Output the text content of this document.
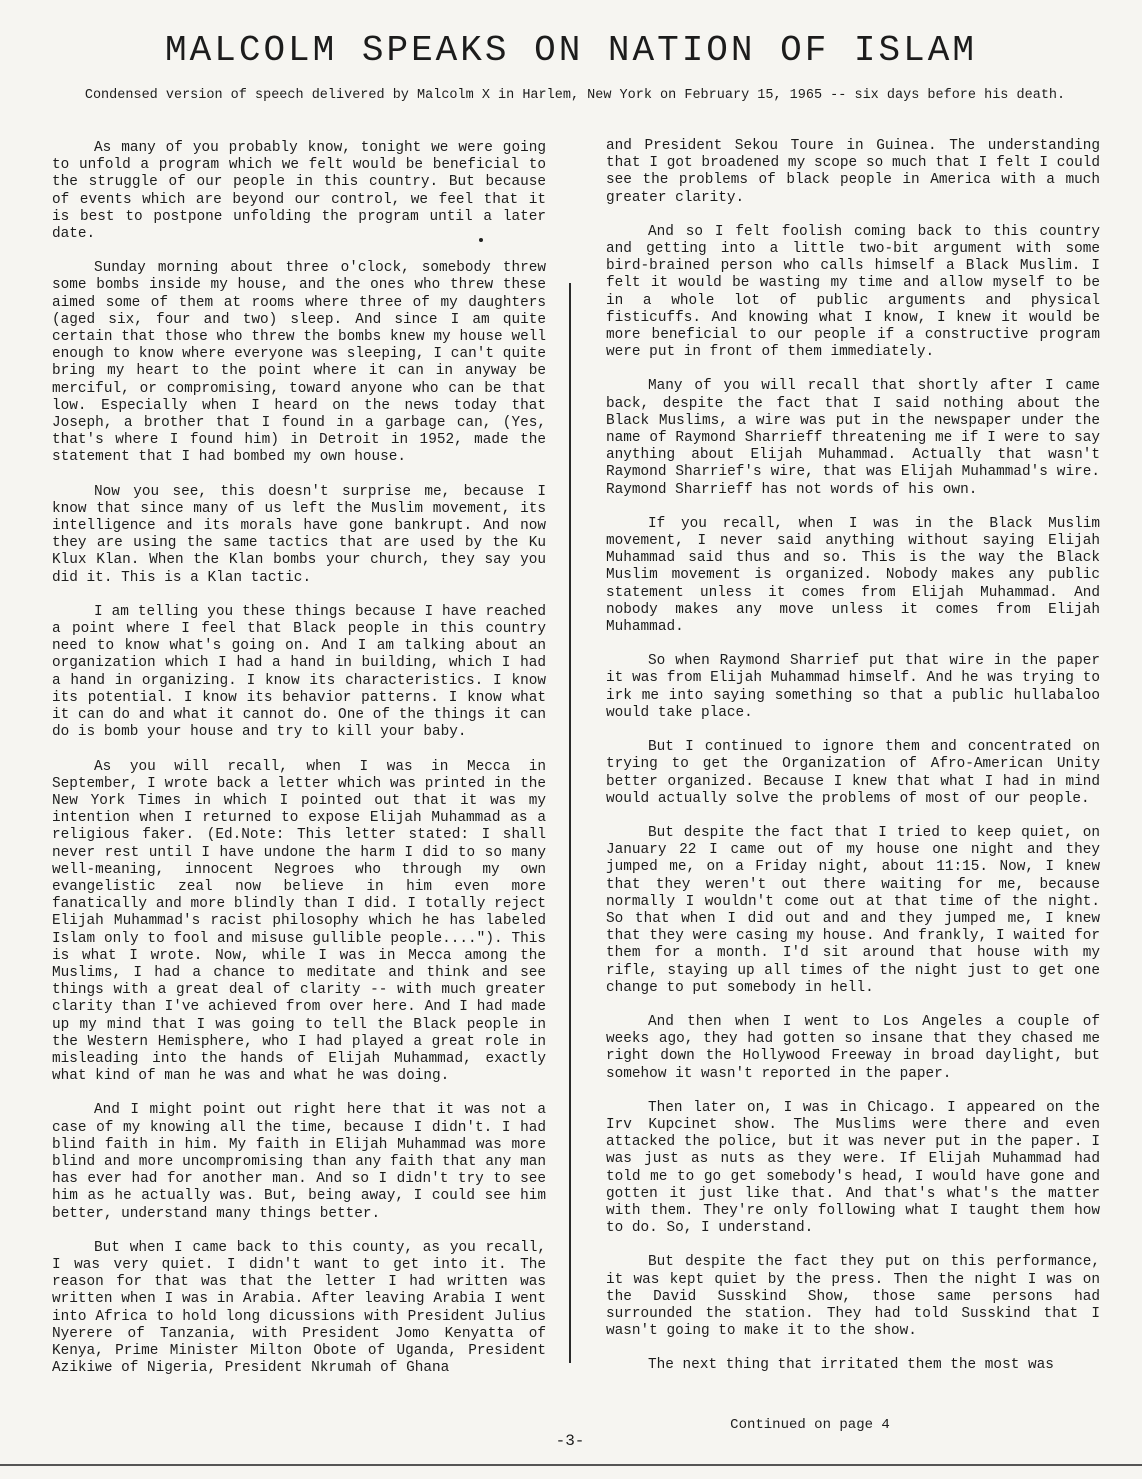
MALCOLM SPEAKS ON NATION OF ISLAM

Condensed version of speech delivered by Malcolm X in Harlem, New York on February 15, 1965 -- six days before his death.

As many of you probably know, tonight we were going to unfold a program which we felt would be beneficial to the struggle of our people in this country. But because of events which are beyond our control, we feel that it is best to postpone unfolding the program until a later date.

Sunday morning about three o'clock, somebody threw some bombs inside my house, and the ones who threw these aimed some of them at rooms where three of my daughters (aged six, four and two) sleep. And since I am quite certain that those who threw the bombs knew my house well enough to know where everyone was sleeping, I can't quite bring my heart to the point where it can in anyway be merciful, or compromising, toward anyone who can be that low. Especially when I heard on the news today that Joseph, a brother that I found in a garbage can, (Yes, that's where I found him) in Detroit in 1952, made the statement that I had bombed my own house.

Now you see, this doesn't surprise me, because I know that since many of us left the Muslim movement, its intelligence and its morals have gone bankrupt. And now they are using the same tactics that are used by the Ku Klux Klan. When the Klan bombs your church, they say you did it. This is a Klan tactic.

I am telling you these things because I have reached a point where I feel that Black people in this country need to know what's going on. And I am talking about an organization which I had a hand in building, which I had a hand in organizing. I know its characteristics. I know its potential. I know its behavior patterns. I know what it can do and what it cannot do. One of the things it can do is bomb your house and try to kill your baby.

As you will recall, when I was in Mecca in September, I wrote back a letter which was printed in the New York Times in which I pointed out that it was my intention when I returned to expose Elijah Muhammad as a religious faker. (Ed.Note: This letter stated: I shall never rest until I have undone the harm I did to so many well-meaning, innocent Negroes who through my own evangelistic zeal now believe in him even more fanatically and more blindly than I did. I totally reject Elijah Muhammad's racist philosophy which he has labeled Islam only to fool and misuse gullible people...."). This is what I wrote. Now, while I was in Mecca among the Muslims, I had a chance to meditate and think and see things with a great deal of clarity -- with much greater clarity than I've achieved from over here. And I had made up my mind that I was going to tell the Black people in the Western Hemisphere, who I had played a great role in misleading into the hands of Elijah Muhammad, exactly what kind of man he was and what he was doing.

And I might point out right here that it was not a case of my knowing all the time, because I didn't. I had blind faith in him. My faith in Elijah Muhammad was more blind and more uncompromising than any faith that any man has ever had for another man. And so I didn't try to see him as he actually was. But, being away, I could see him better, understand many things better.

But when I came back to this county, as you recall, I was very quiet. I didn't want to get into it. The reason for that was that the letter I had written was written when I was in Arabia. After leaving Arabia I went into Africa to hold long dicussions with President Julius Nyerere of Tanzania, with President Jomo Kenyatta of Kenya, Prime Minister Milton Obote of Uganda, President Azikiwe of Nigeria, President Nkrumah of Ghana

and President Sekou Toure in Guinea. The understanding that I got broadened my scope so much that I felt I could see the problems of black people in America with a much greater clarity.

And so I felt foolish coming back to this country and getting into a little two-bit argument with some bird-brained person who calls himself a Black Muslim. I felt it would be wasting my time and allow myself to be in a whole lot of public arguments and physical fisticuffs. And knowing what I know, I knew it would be more beneficial to our people if a constructive program were put in front of them immediately.

Many of you will recall that shortly after I came back, despite the fact that I said nothing about the Black Muslims, a wire was put in the newspaper under the name of Raymond Sharrieff threatening me if I were to say anything about Elijah Muhammad. Actually that wasn't Raymond Sharrief's wire, that was Elijah Muhammad's wire. Raymond Sharrieff has not words of his own.

If you recall, when I was in the Black Muslim movement, I never said anything without saying Elijah Muhammad said thus and so. This is the way the Black Muslim movement is organized. Nobody makes any public statement unless it comes from Elijah Muhammad. And nobody makes any move unless it comes from Elijah Muhammad.

So when Raymond Sharrief put that wire in the paper it was from Elijah Muhammad himself. And he was trying to irk me into saying something so that a public hullabaloo would take place.

But I continued to ignore them and concentrated on trying to get the Organization of Afro-American Unity better organized. Because I knew that what I had in mind would actually solve the problems of most of our people.

But despite the fact that I tried to keep quiet, on January 22 I came out of my house one night and they jumped me, on a Friday night, about 11:15. Now, I knew that they weren't out there waiting for me, because normally I wouldn't come out at that time of the night. So that when I did out and and they jumped me, I knew that they were casing my house. And frankly, I waited for them for a month. I'd sit around that house with my rifle, staying up all times of the night just to get one change to put somebody in hell.

And then when I went to Los Angeles a couple of weeks ago, they had gotten so insane that they chased me right down the Hollywood Freeway in broad daylight, but somehow it wasn't reported in the paper.

Then later on, I was in Chicago. I appeared on the Irv Kupcinet show. The Muslims were there and even attacked the police, but it was never put in the paper. I was just as nuts as they were. If Elijah Muhammad had told me to go get somebody's head, I would have gone and gotten it just like that. And that's what's the matter with them. They're only following what I taught them how to do. So, I understand.

But despite the fact they put on this performance, it was kept quiet by the press. Then the night I was on the David Susskind Show, those same persons had surrounded the station. They had told Susskind that I wasn't going to make it to the show.

The next thing that irritated them the most was

Continued on page 4
-3-
